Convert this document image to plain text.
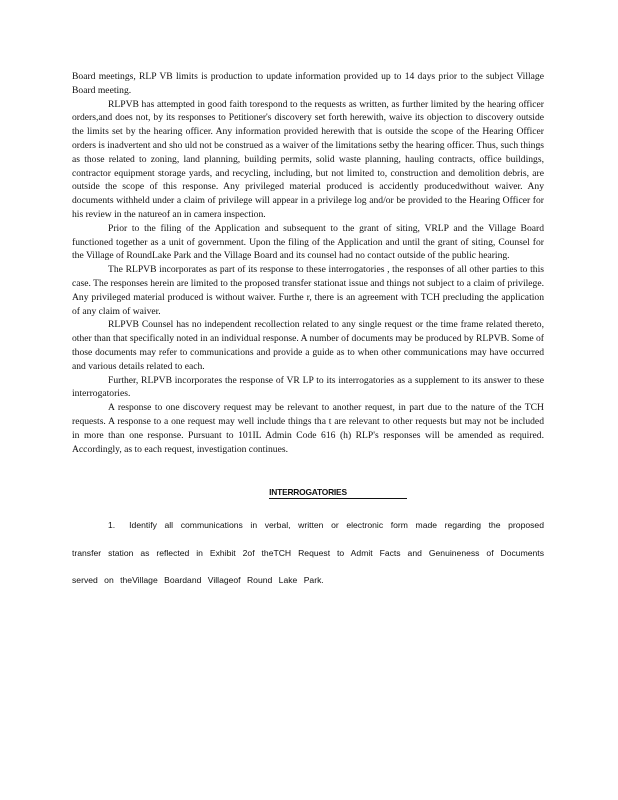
Board meetings, RLP VB limits is production to update information provided up to 14 days prior to the subject Village Board meeting.

RLPVB has attempted in good faith torespond to the requests as written, as further limited by the hearing officer orders,and does not, by its responses to Petitioner's discovery set forth herewith, waive its objection to discovery outside the limits set by the hearing officer. Any information provided herewith that is outside the scope of the Hearing Officer orders is inadvertent and sho uld not be construed as a waiver of the limitations setby the hearing officer. Thus, such things as those related to zoning, land planning, building permits, solid waste planning, hauling contracts, office buildings, contractor equipment storage yards, and recycling, including, but not limited to, construction and demolition debris, are outside the scope of this response. Any privileged material produced is accidently producedwithout waiver. Any documents withheld under a claim of privilege will appear in a privilege log and/or be provided to the Hearing Officer for his review in the natureof an in camera inspection.

Prior to the filing of the Application and subsequent to the grant of siting, VRLP and the Village Board functioned together as a unit of government. Upon the filing of the Application and until the grant of siting, Counsel for the Village of RoundLake Park and the Village Board and its counsel had no contact outside of the public hearing.

The RLPVB incorporates as part of its response to these interrogatories , the responses of all other parties to this case. The responses herein are limited to the proposed transfer stationat issue and things not subject to a claim of privilege. Any privileged material produced is without waiver. Furthe r, there is an agreement with TCH precluding the application of any claim of waiver.

RLPVB Counsel has no independent recollection related to any single request or the time frame related thereto, other than that specifically noted in an individual response. A number of documents may be produced by RLPVB. Some of those documents may refer to communications and provide a guide as to when other communications may have occurred and various details related to each.

Further, RLPVB incorporates the response of VR LP to its interrogatories as a supplement to its answer to these interrogatories.

A response to one discovery request may be relevant to another request, in part due to the nature of the TCH requests. A response to a one request may well include things tha t are relevant to other requests but may not be included in more than one response. Pursuant to 101IL Admin Code 616 (h) RLP's responses will be amended as required. Accordingly, as to each request, investigation continues.

INTERROGATORIES

1. Identify all communications in verbal, written or electronic form made regarding the proposed transfer station as reflected in Exhibit 2of theTCH Request to Admit Facts and Genuineness of Documents served on theVillage Boardand Villageof Round Lake Park.
